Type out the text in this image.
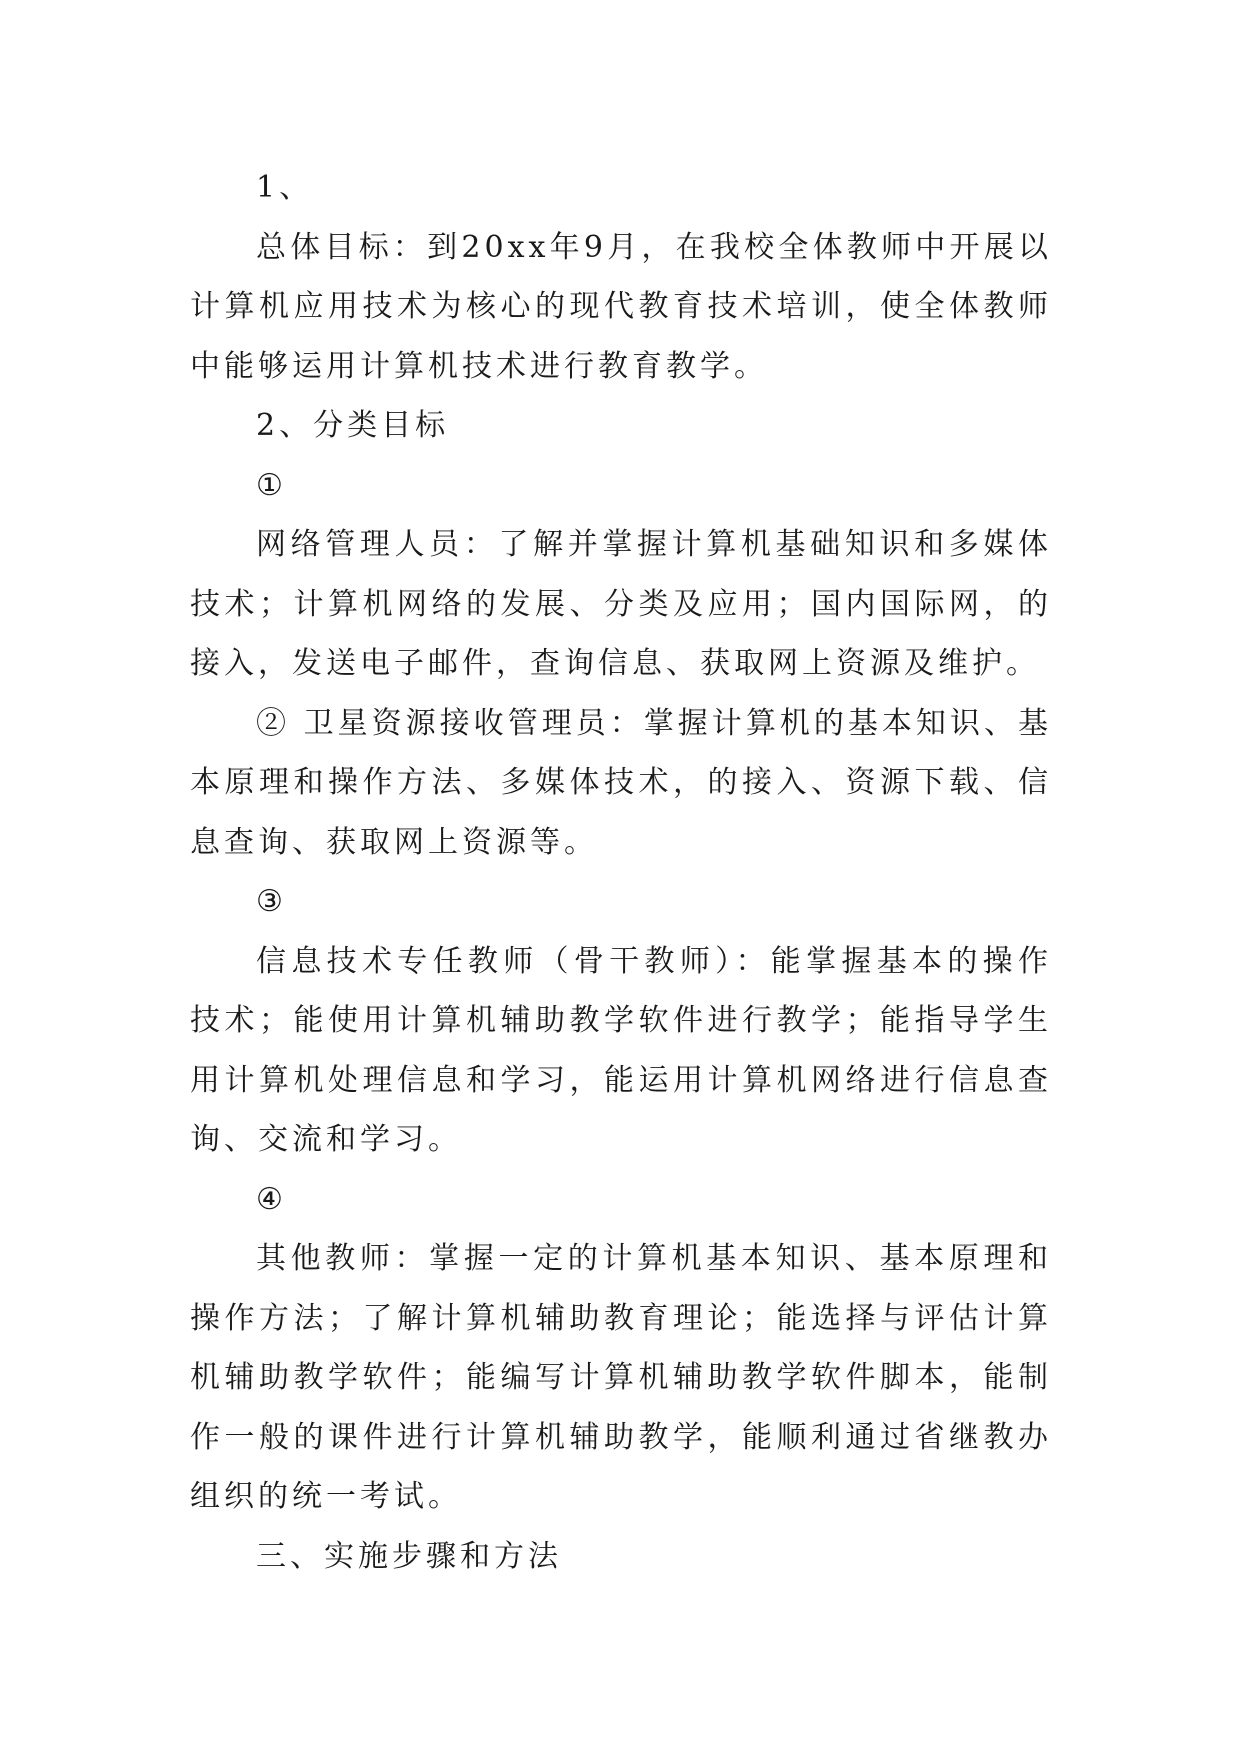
1、

总体目标：到20xx年9月，在我校全体教师中开展以计算机应用技术为核心的现代教育技术培训，使全体教师中能够运用计算机技术进行教育教学。

2、分类目标

①

网络管理人员：了解并掌握计算机基础知识和多媒体技术；计算机网络的发展、分类及应用；国内国际网，的接入，发送电子邮件，查询信息、获取网上资源及维护。

② 卫星资源接收管理员：掌握计算机的基本知识、基本原理和操作方法、多媒体技术，的接入、资源下载、信息查询、获取网上资源等。

③

信息技术专任教师（骨干教师）：能掌握基本的操作技术；能使用计算机辅助教学软件进行教学；能指导学生用计算机处理信息和学习，能运用计算机网络进行信息查询、交流和学习。

④

其他教师：掌握一定的计算机基本知识、基本原理和操作方法；了解计算机辅助教育理论；能选择与评估计算机辅助教学软件；能编写计算机辅助教学软件脚本，能制作一般的课件进行计算机辅助教学，能顺利通过省继教办组织的统一考试。

三、实施步骤和方法
